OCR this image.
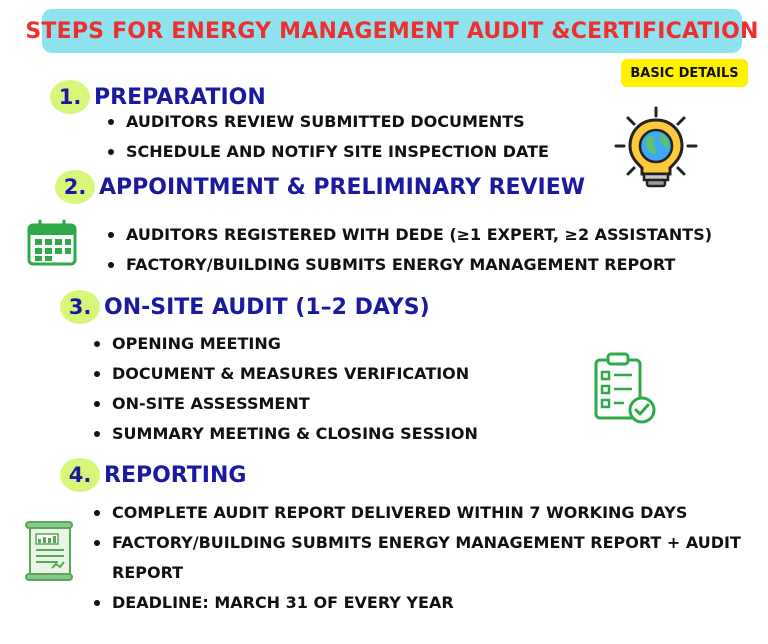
STEPS FOR ENERGY MANAGEMENT AUDIT &CERTIFICATION
BASIC DETAILS
1. PREPARATION
AUDITORS REVIEW SUBMITTED DOCUMENTS
SCHEDULE AND NOTIFY SITE INSPECTION DATE
2. APPOINTMENT & PRELIMINARY REVIEW
AUDITORS REGISTERED WITH DEDE (≥1 EXPERT, ≥2 ASSISTANTS)
FACTORY/BUILDING SUBMITS ENERGY MANAGEMENT REPORT
3. ON-SITE AUDIT (1–2 DAYS)
OPENING MEETING
DOCUMENT & MEASURES VERIFICATION
ON-SITE ASSESSMENT
SUMMARY MEETING & CLOSING SESSION
4. REPORTING
COMPLETE AUDIT REPORT DELIVERED WITHIN 7 WORKING DAYS
FACTORY/BUILDING SUBMITS ENERGY MANAGEMENT REPORT + AUDIT REPORT
DEADLINE: MARCH 31 OF EVERY YEAR
